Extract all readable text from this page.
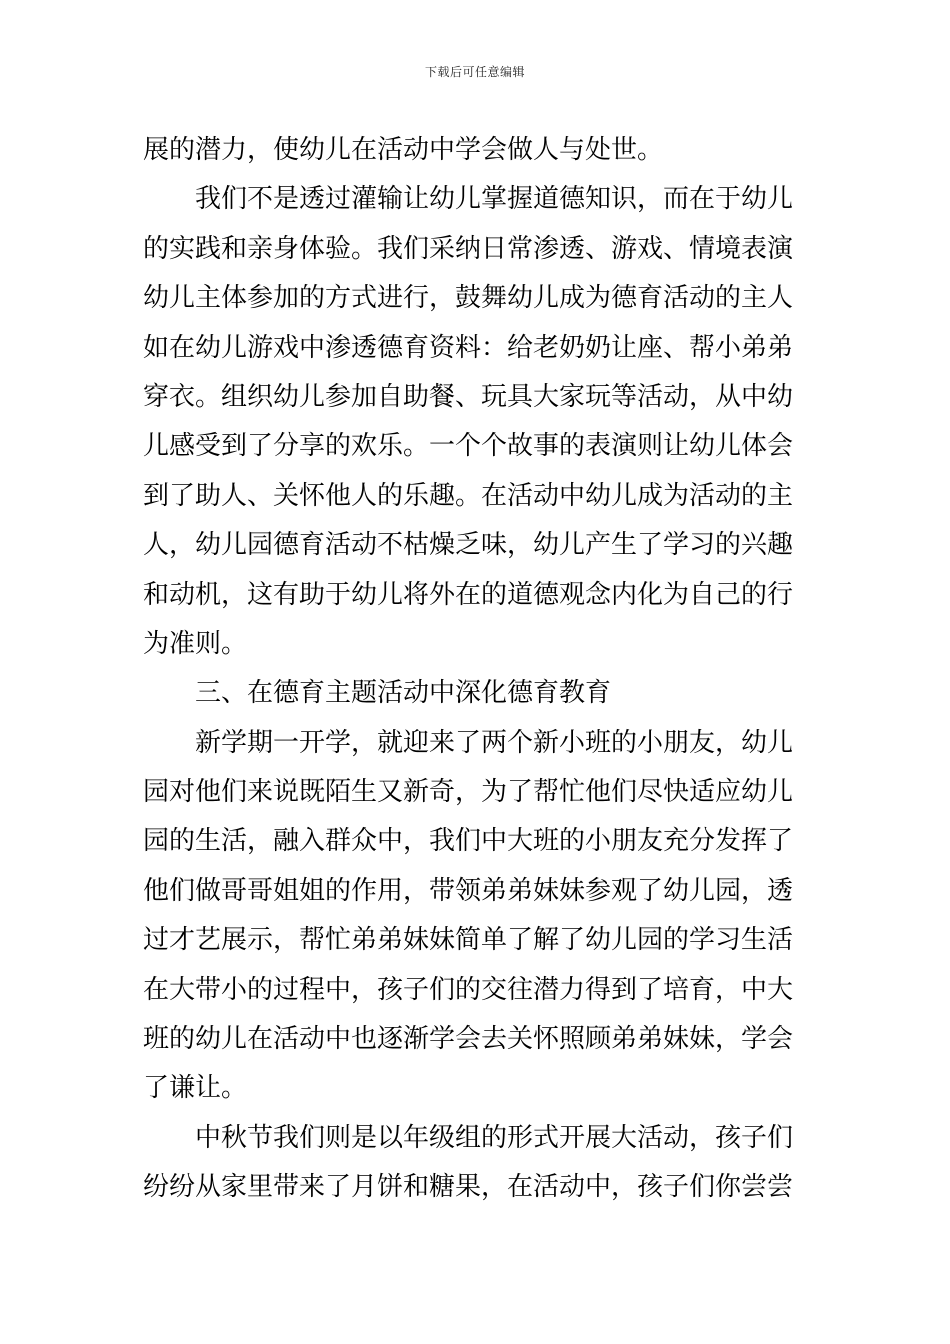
下载后可任意编辑
展的潜力，使幼儿在活动中学会做人与处世。
我们不是透过灌输让幼儿掌握道德知识，而在于幼儿
的实践和亲身体验。我们采纳日常渗透、游戏、情境表演
幼儿主体参加的方式进行，鼓舞幼儿成为德育活动的主人
如在幼儿游戏中渗透德育资料：给老奶奶让座、帮小弟弟
穿衣。组织幼儿参加自助餐、玩具大家玩等活动，从中幼
儿感受到了分享的欢乐。一个个故事的表演则让幼儿体会
到了助人、关怀他人的乐趣。在活动中幼儿成为活动的主
人，幼儿园德育活动不枯燥乏味，幼儿产生了学习的兴趣
和动机，这有助于幼儿将外在的道德观念内化为自己的行
为准则。
三、在德育主题活动中深化德育教育
新学期一开学，就迎来了两个新小班的小朋友，幼儿
园对他们来说既陌生又新奇，为了帮忙他们尽快适应幼儿
园的生活，融入群众中，我们中大班的小朋友充分发挥了
他们做哥哥姐姐的作用，带领弟弟妹妹参观了幼儿园，透
过才艺展示，帮忙弟弟妹妹简单了解了幼儿园的学习生活
在大带小的过程中，孩子们的交往潜力得到了培育，中大
班的幼儿在活动中也逐渐学会去关怀照顾弟弟妹妹，学会
了谦让。
中秋节我们则是以年级组的形式开展大活动，孩子们
纷纷从家里带来了月饼和糖果，在活动中，孩子们你尝尝
